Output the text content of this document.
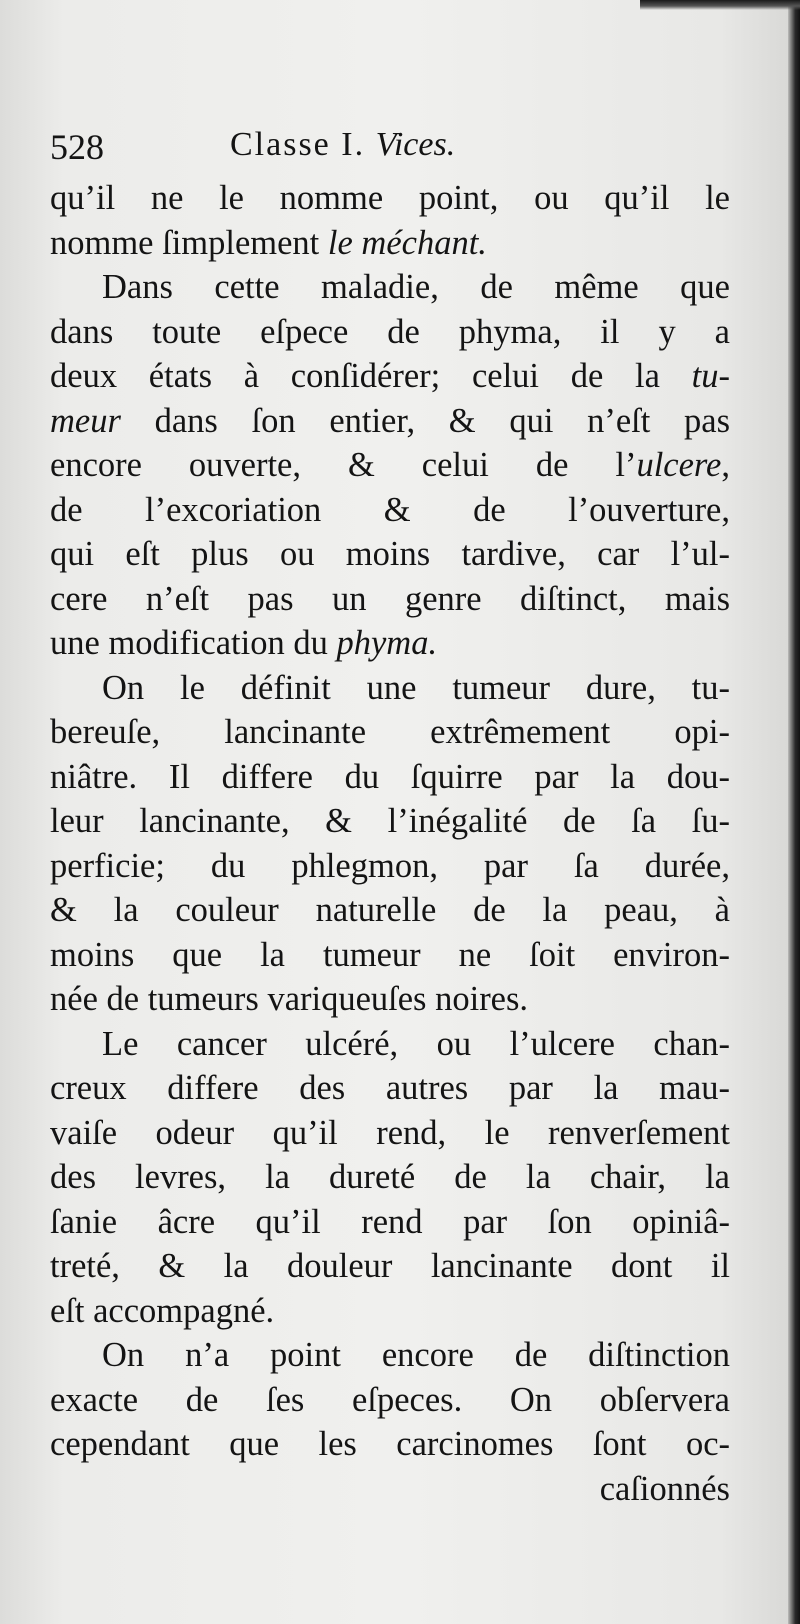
528	Classe I. Vices.
qu’il ne le nomme point, ou qu’il le
nomme ſimplement le méchant.
Dans cette maladie, de même que
dans toute eſpece de phyma, il y a
deux états à conſidérer; celui de la tu-
meur dans ſon entier, & qui n’eſt pas
encore ouverte, & celui de l’ulcere,
de l’excoriation & de l’ouverture,
qui eſt plus ou moins tardive, car l’ul-
cere n’eſt pas un genre diſtinct, mais
une modification du phyma.
On le définit une tumeur dure, tu-
bereuſe, lancinante extrêmement opi-
niâtre. Il differe du ſquirre par la dou-
leur lancinante, & l’inégalité de ſa ſu-
perficie; du phlegmon, par ſa durée,
& la couleur naturelle de la peau, à
moins que la tumeur ne ſoit environ-
née de tumeurs variqueuſes noires.
Le cancer ulcéré, ou l’ulcere chan-
creux differe des autres par la mau-
vaiſe odeur qu’il rend, le renverſement
des levres, la dureté de la chair, la
ſanie âcre qu’il rend par ſon opiniâ-
treté, & la douleur lancinante dont il
eſt accompagné.
On n’a point encore de diſtinction
exacte de ſes eſpeces. On obſervera
cependant que les carcinomes ſont oc-
caſionnés
